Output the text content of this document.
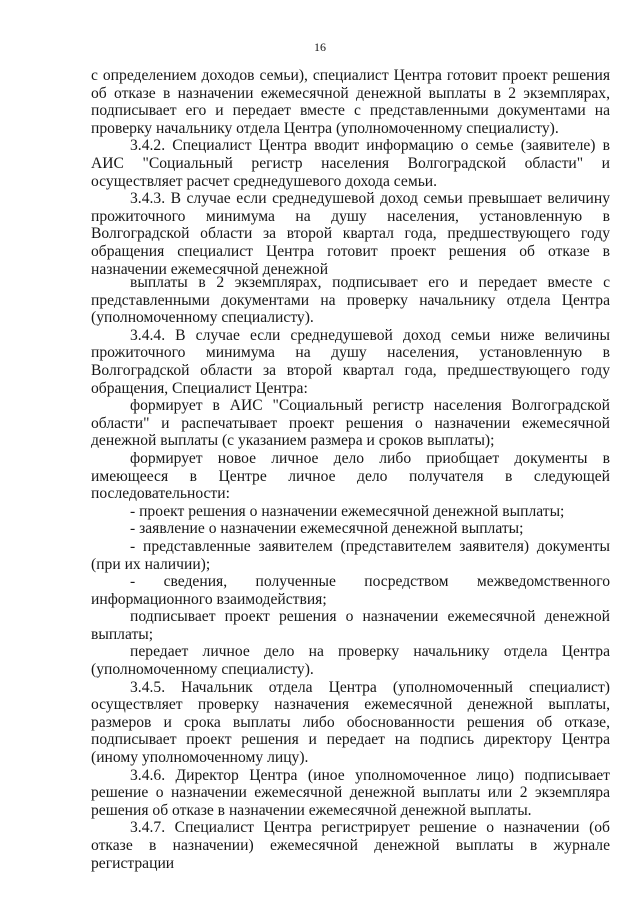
16

с определением доходов семьи), специалист Центра готовит проект решения об отказе в назначении ежемесячной денежной выплаты в 2 экземплярах, подписывает его и передает вместе с представленными документами на проверку начальнику отдела Центра (уполномоченному специалисту).

3.4.2. Специалист Центра вводит информацию о семье (заявителе) в АИС "Социальный регистр населения Волгоградской области" и осуществляет расчет среднедушевого дохода семьи.

3.4.3. В случае если среднедушевой доход семьи превышает величину прожиточного минимума на душу населения, установленную в Волгоградской области за второй квартал года, предшествующего году обращения специалист Центра готовит проект решения об отказе в назначении ежемесячной денежной

выплаты в 2 экземплярах, подписывает его и передает вместе с представленными документами на проверку начальнику отдела Центра (уполномоченному специалисту).

3.4.4. В случае если среднедушевой доход семьи ниже величины прожиточного минимума на душу населения, установленную в Волгоградской области за второй квартал года, предшествующего году обращения, Специалист Центра:

формирует в АИС "Социальный регистр населения Волгоградской области" и распечатывает проект решения о назначении ежемесячной денежной выплаты (с указанием размера и сроков выплаты);

формирует новое личное дело либо приобщает документы в имеющееся в Центре личное дело получателя в следующей последовательности:

- проект решения о назначении ежемесячной денежной выплаты;

- заявление о назначении ежемесячной денежной выплаты;

- представленные заявителем (представителем заявителя) документы (при их наличии);

- сведения, полученные посредством межведомственного информационного взаимодействия;

подписывает проект решения о назначении ежемесячной денежной выплаты;

передает личное дело на проверку начальнику отдела Центра (уполномоченному специалисту).

3.4.5. Начальник отдела Центра (уполномоченный специалист) осуществляет проверку назначения ежемесячной денежной выплаты, размеров и срока выплаты либо обоснованности решения об отказе, подписывает проект решения и передает на подпись директору Центра (иному уполномоченному лицу).

3.4.6. Директор Центра (иное уполномоченное лицо) подписывает решение о назначении ежемесячной денежной выплаты или 2 экземпляра решения об отказе в назначении ежемесячной денежной выплаты.

3.4.7. Специалист Центра регистрирует решение о назначении (об отказе в назначении) ежемесячной денежной выплаты в журнале регистрации
